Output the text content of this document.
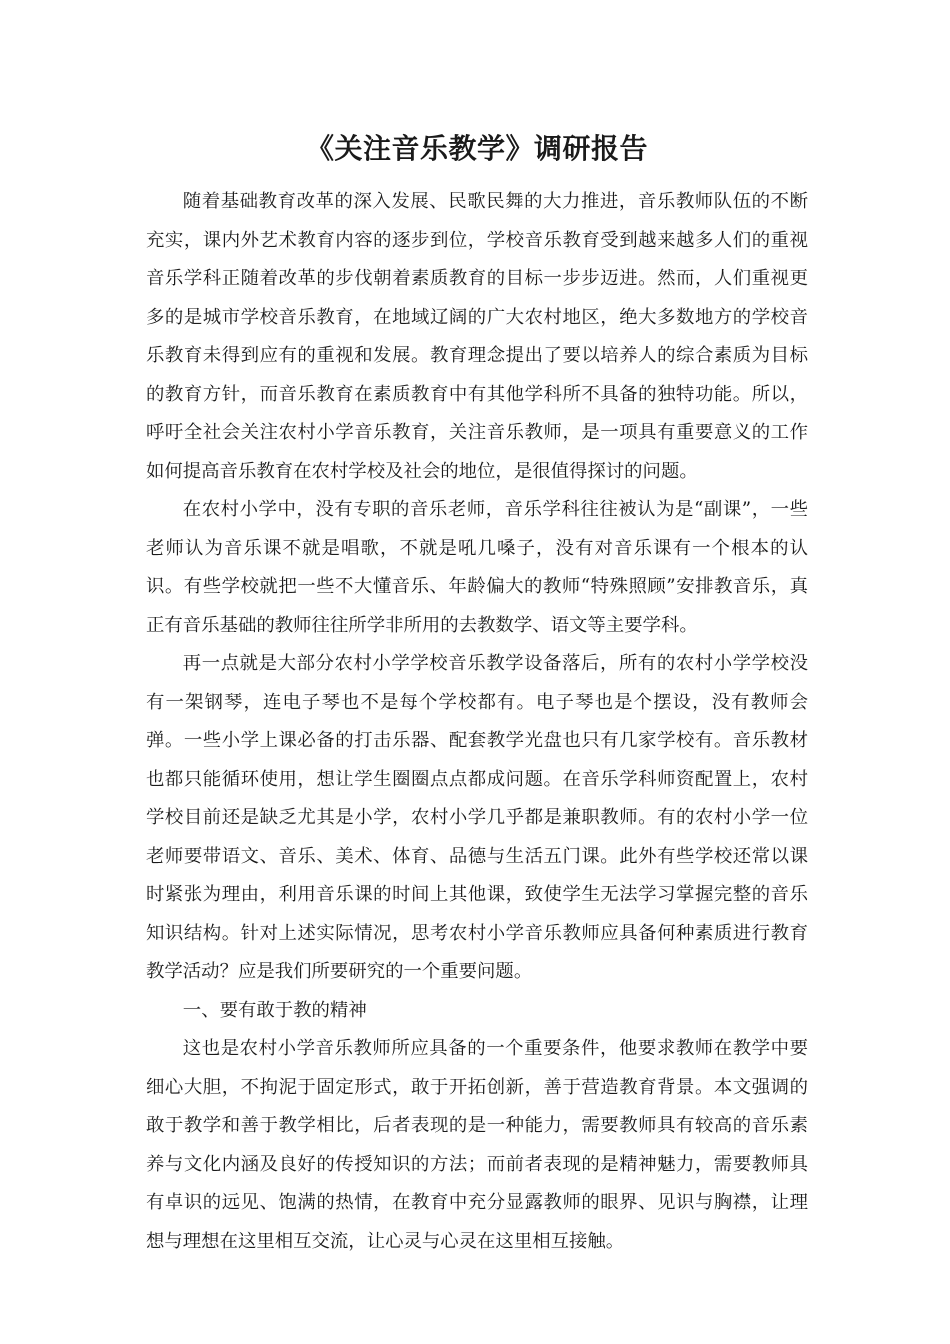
《关注音乐教学》调研报告

随着基础教育改革的深入发展、民歌民舞的大力推进，音乐教师队伍的不断充实，课内外艺术教育内容的逐步到位，学校音乐教育受到越来越多人们的重视音乐学科正随着改革的步伐朝着素质教育的目标一步步迈进。然而，人们重视更多的是城市学校音乐教育，在地域辽阔的广大农村地区，绝大多数地方的学校音乐教育未得到应有的重视和发展。教育理念提出了要以培养人的综合素质为目标的教育方针，而音乐教育在素质教育中有其他学科所不具备的独特功能。所以，呼吁全社会关注农村小学音乐教育，关注音乐教师，是一项具有重要意义的工作如何提高音乐教育在农村学校及社会的地位，是很值得探讨的问题。

在农村小学中，没有专职的音乐老师，音乐学科往往被认为是“副课”，一些老师认为音乐课不就是唱歌，不就是吼几嗓子，没有对音乐课有一个根本的认识。有些学校就把一些不大懂音乐、年龄偏大的教师“特殊照顾”安排教音乐，真正有音乐基础的教师往往所学非所用的去教数学、语文等主要学科。

再一点就是大部分农村小学学校音乐教学设备落后，所有的农村小学学校没有一架钢琴，连电子琴也不是每个学校都有。电子琴也是个摆设，没有教师会弹。一些小学上课必备的打击乐器、配套教学光盘也只有几家学校有。音乐教材也都只能循环使用，想让学生圈圈点点都成问题。在音乐学科师资配置上，农村学校目前还是缺乏尤其是小学，农村小学几乎都是兼职教师。有的农村小学一位老师要带语文、音乐、美术、体育、品德与生活五门课。此外有些学校还常以课时紧张为理由，利用音乐课的时间上其他课，致使学生无法学习掌握完整的音乐知识结构。针对上述实际情况，思考农村小学音乐教师应具备何种素质进行教育教学活动？应是我们所要研究的一个重要问题。

一、要有敢于教的精神

这也是农村小学音乐教师所应具备的一个重要条件，他要求教师在教学中要细心大胆，不拘泥于固定形式，敢于开拓创新，善于营造教育背景。本文强调的敢于教学和善于教学相比，后者表现的是一种能力，需要教师具有较高的音乐素养与文化内涵及良好的传授知识的方法；而前者表现的是精神魅力，需要教师具有卓识的远见、饱满的热情，在教育中充分显露教师的眼界、见识与胸襟，让理想与理想在这里相互交流，让心灵与心灵在这里相互接触。
